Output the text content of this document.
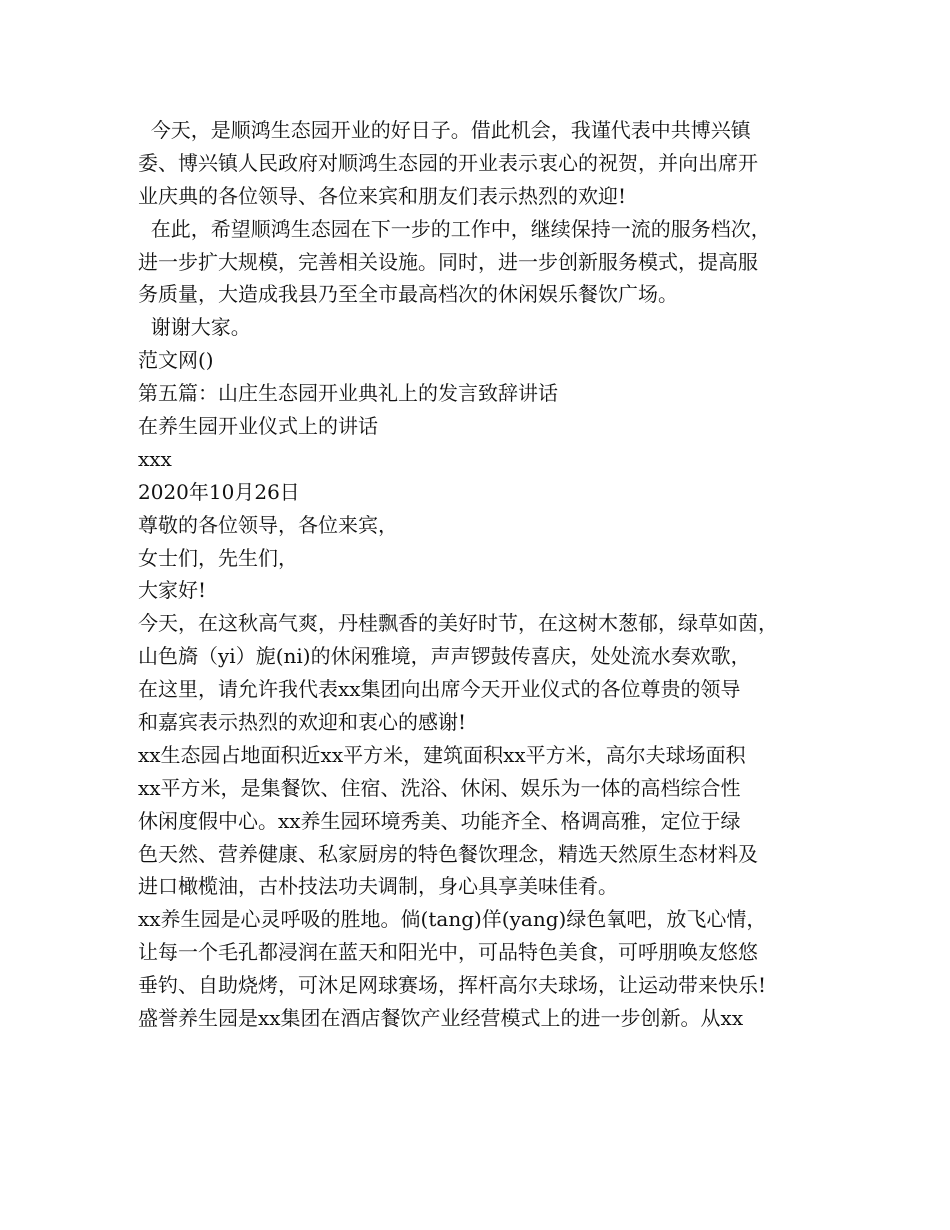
今天，是顺鸿生态园开业的好日子。借此机会，我谨代表中共博兴镇
委、博兴镇人民政府对顺鸿生态园的开业表示衷心的祝贺，并向出席开
业庆典的各位领导、各位来宾和朋友们表示热烈的欢迎!
在此，希望顺鸿生态园在下一步的工作中，继续保持一流的服务档次，
进一步扩大规模，完善相关设施。同时，进一步创新服务模式，提高服
务质量，大造成我县乃至全市最高档次的休闲娱乐餐饮广场。
谢谢大家。
范文网()
第五篇：山庄生态园开业典礼上的发言致辞讲话
在养生园开业仪式上的讲话
xxx
2020年10月26日
尊敬的各位领导，各位来宾，
女士们，先生们，
大家好!
今天，在这秋高气爽，丹桂飘香的美好时节，在这树木葱郁，绿草如茵，
山色旖（yi）旎(ni)的休闲雅境，声声锣鼓传喜庆，处处流水奏欢歌，
在这里，请允许我代表xx集团向出席今天开业仪式的各位尊贵的领导
和嘉宾表示热烈的欢迎和衷心的感谢!
xx生态园占地面积近xx平方米，建筑面积xx平方米，高尔夫球场面积
xx平方米，是集餐饮、住宿、洗浴、休闲、娱乐为一体的高档综合性
休闲度假中心。xx养生园环境秀美、功能齐全、格调高雅，定位于绿
色天然、营养健康、私家厨房的特色餐饮理念，精选天然原生态材料及
进口橄榄油，古朴技法功夫调制，身心具享美味佳肴。
xx养生园是心灵呼吸的胜地。倘(tang)佯(yang)绿色氧吧，放飞心情，
让每一个毛孔都浸润在蓝天和阳光中，可品特色美食，可呼朋唤友悠悠
垂钓、自助烧烤，可沐足网球赛场，挥杆高尔夫球场，让运动带来快乐!
盛誉养生园是xx集团在酒店餐饮产业经营模式上的进一步创新。从xx
